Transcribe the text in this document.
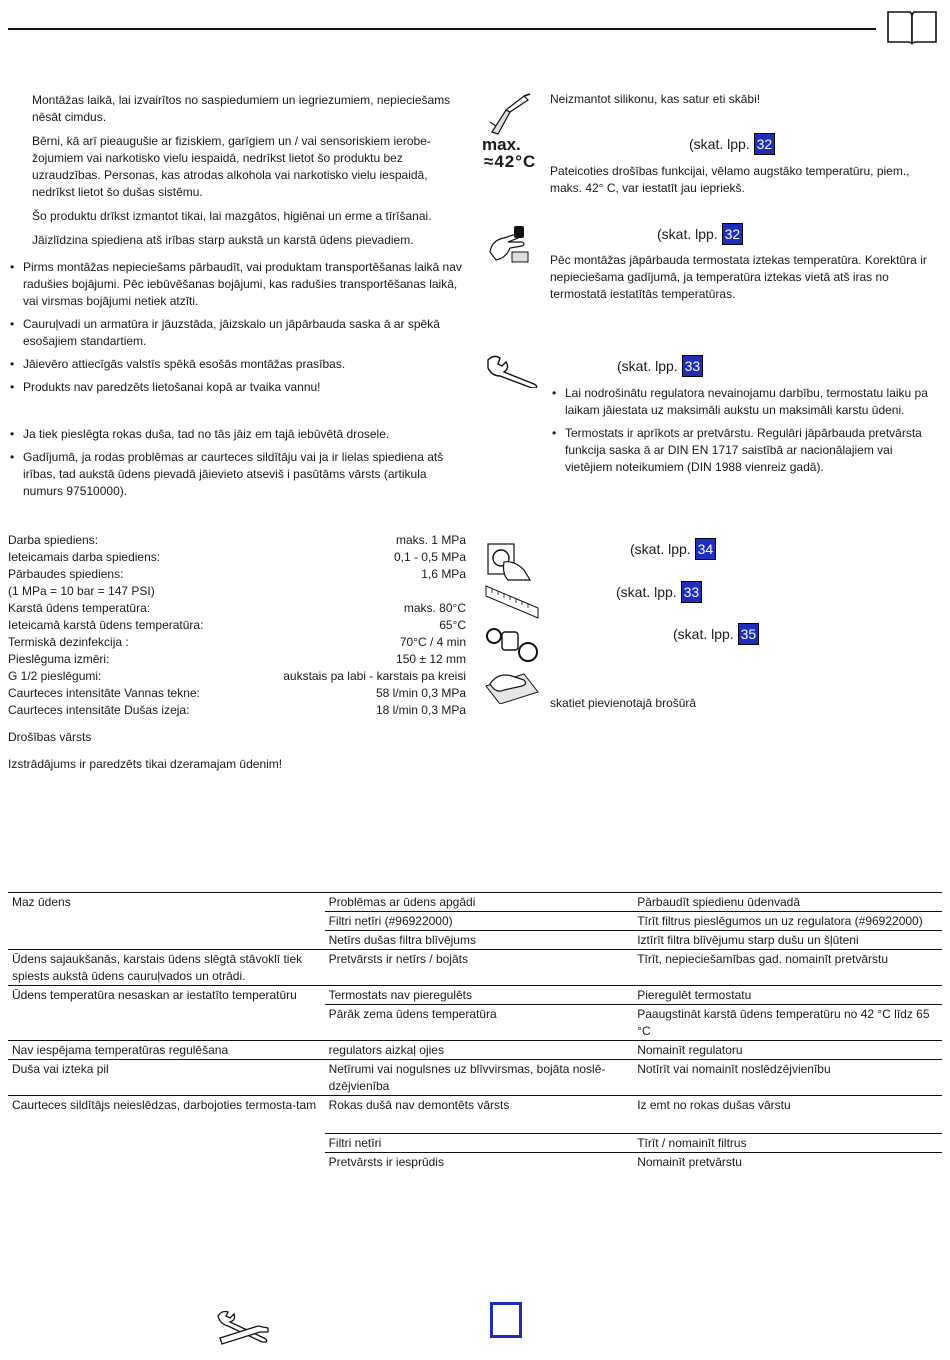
Montāžas laikā, lai izvairītos no saspiedumiem un iegriezumiem, nepieciešams nēsāt cimdus.

Bērni, kā arī pieaugušie ar fiziskiem, garīgiem un / vai sensoriskiem ierobe-žojumiem vai narkotisko vielu iespaidā, nedrīkst lietot šo produktu bez uzraudzības. Personas, kas atrodas alkohola vai narkotisko vielu iespaidā, nedrīkst lietot šo dušas sistēmu.

Šo produktu drīkst izmantot tikai, lai mazgātos, higiēnai un erme a tīrīšanai.

Jāizlīdzina spiediena atš irības starp aukstā un karstā ūdens pievadiem.

• Pirms montāžas nepieciešams pārbaudīt, vai produktam transportēšanas laikā nav radušies bojājumi. Pēc iebūvēšanas bojājumi, kas radušies transportēšanas laikā, vai virsmas bojājumi netiek atzīti.
• Cauruļvadi un armatūra ir jāuzstāda, jāizskalo un jāpārbauda saska ā ar spēkā esošajiem standartiem.
• Jāievēro attiecīgās valstīs spēkā esošās montāžas prasības.
• Produkts nav paredzēts lietošanai kopā ar tvaika vannu!
• Ja tiek pieslēgta rokas duša, tad no tās jāiz em tajā iebūvētā drosele.
• Gadījumā, ja rodas problēmas ar caurteces sildītāju vai ja ir lielas spiediena atš irības, tad aukstā ūdens pievadā jāievieto atseviš i pasūtāms vārsts (artikula numurs 97510000).
Darba spiediens:	maks. 1 MPa
Ieteicamais darba spiediens:	0,1 - 0,5 MPa
Pārbaudes spiediens:	1,6 MPa
(1 MPa = 10 bar = 147 PSI)
Karstā ūdens temperatūra:	maks. 80°C
Ieteicamā karstā ūdens temperatūra:	65°C
Termiskā dezinfekcija :	70°C / 4 min
Pieslēguma izmēri:	150 ± 12 mm
G 1/2 pieslēgumi:	aukstais pa labi - karstais pa kreisi
Caurteces intensitāte Vannas tekne:	58 l/min 0,3 MPa
Caurteces intensitāte Dušas izeja:	18 l/min 0,3 MPa
Drošības vārsts
Izstrādājums ir paredzēts tikai dzeramajam ūdenim!
max.
≈42°C
Neizmantot silikonu, kas satur eti skābi!
(skat. lpp. 32
Pateicoties drošības funkcijai, vēlamo augstāko temperatūru, piem., maks. 42° C, var iestatīt jau iepriekš.
(skat. lpp. 32
Pēc montāžas jāpārbauda termostata iztekas temperatūra. Korektūra ir nepieciešama gadījumā, ja temperatūra iztekas vietā atš iras no termostatā iestatītās temperatūras.
(skat. lpp. 33
• Lai nodrošinātu regulatora nevainojamu darbību, termostatu laiku pa laikam jāiestata uz maksimāli aukstu un maksimāli karstu ūdeni.
• Termostats ir aprīkots ar pretvārstu. Regulāri jāpārbauda pretvārsta funkcija saska ā ar DIN EN 1717 saistībā ar nacionālajiem vai vietējiem noteikumiem (DIN 1988 vienreiz gadā).
(skat. lpp. 34
(skat. lpp. 33
(skat. lpp. 35
skatiet pievienotajā brošūrā
Maz ūdens	Problēmas ar ūdens apgādi	Pārbaudīt spiedienu ūdenvadā
	Filtri netīri (#96922000)	Tīrīt filtrus pieslēgumos un uz regulatora (#96922000)
	Netīrs dušas filtra blīvējums	Iztīrīt filtra blīvējumu starp dušu un šļūteni
Ūdens sajaukšanās, karstais ūdens slēgtā stāvoklī tiek spiests aukstā ūdens cauruļvados un otrādi.	Pretvārsts ir netīrs / bojāts	Tīrīt, nepieciešamības gad. nomainīt pretvārstu
Ūdens temperatūra nesaskan ar iestatīto temperatūru	Termostats nav pieregulēts	Pieregulēt termostatu
	Pārāk zema ūdens temperatūra	Paaugstināt karstā ūdens temperatūru no 42 °C līdz 65 °C
Nav iespējama temperatūras regulēšana	regulators aizkaļ ojies	Nomainīt regulatoru
Duša vai izteka pil	Netīrumi vai nogulsnes uz blīvvirsmas, bojāta noslē-dzējvienība	Notīrīt vai nomainīt noslēdzējvienību
Caurteces sildītājs neieslēdzas, darbojoties termosta-tam	Rokas dušā nav demontēts vārsts	Iz emt no rokas dušas vārstu

	Filtri netīri	Tīrīt / nomainīt filtrus
	Pretvārsts ir iesprūdis	Nomainīt pretvārstu
